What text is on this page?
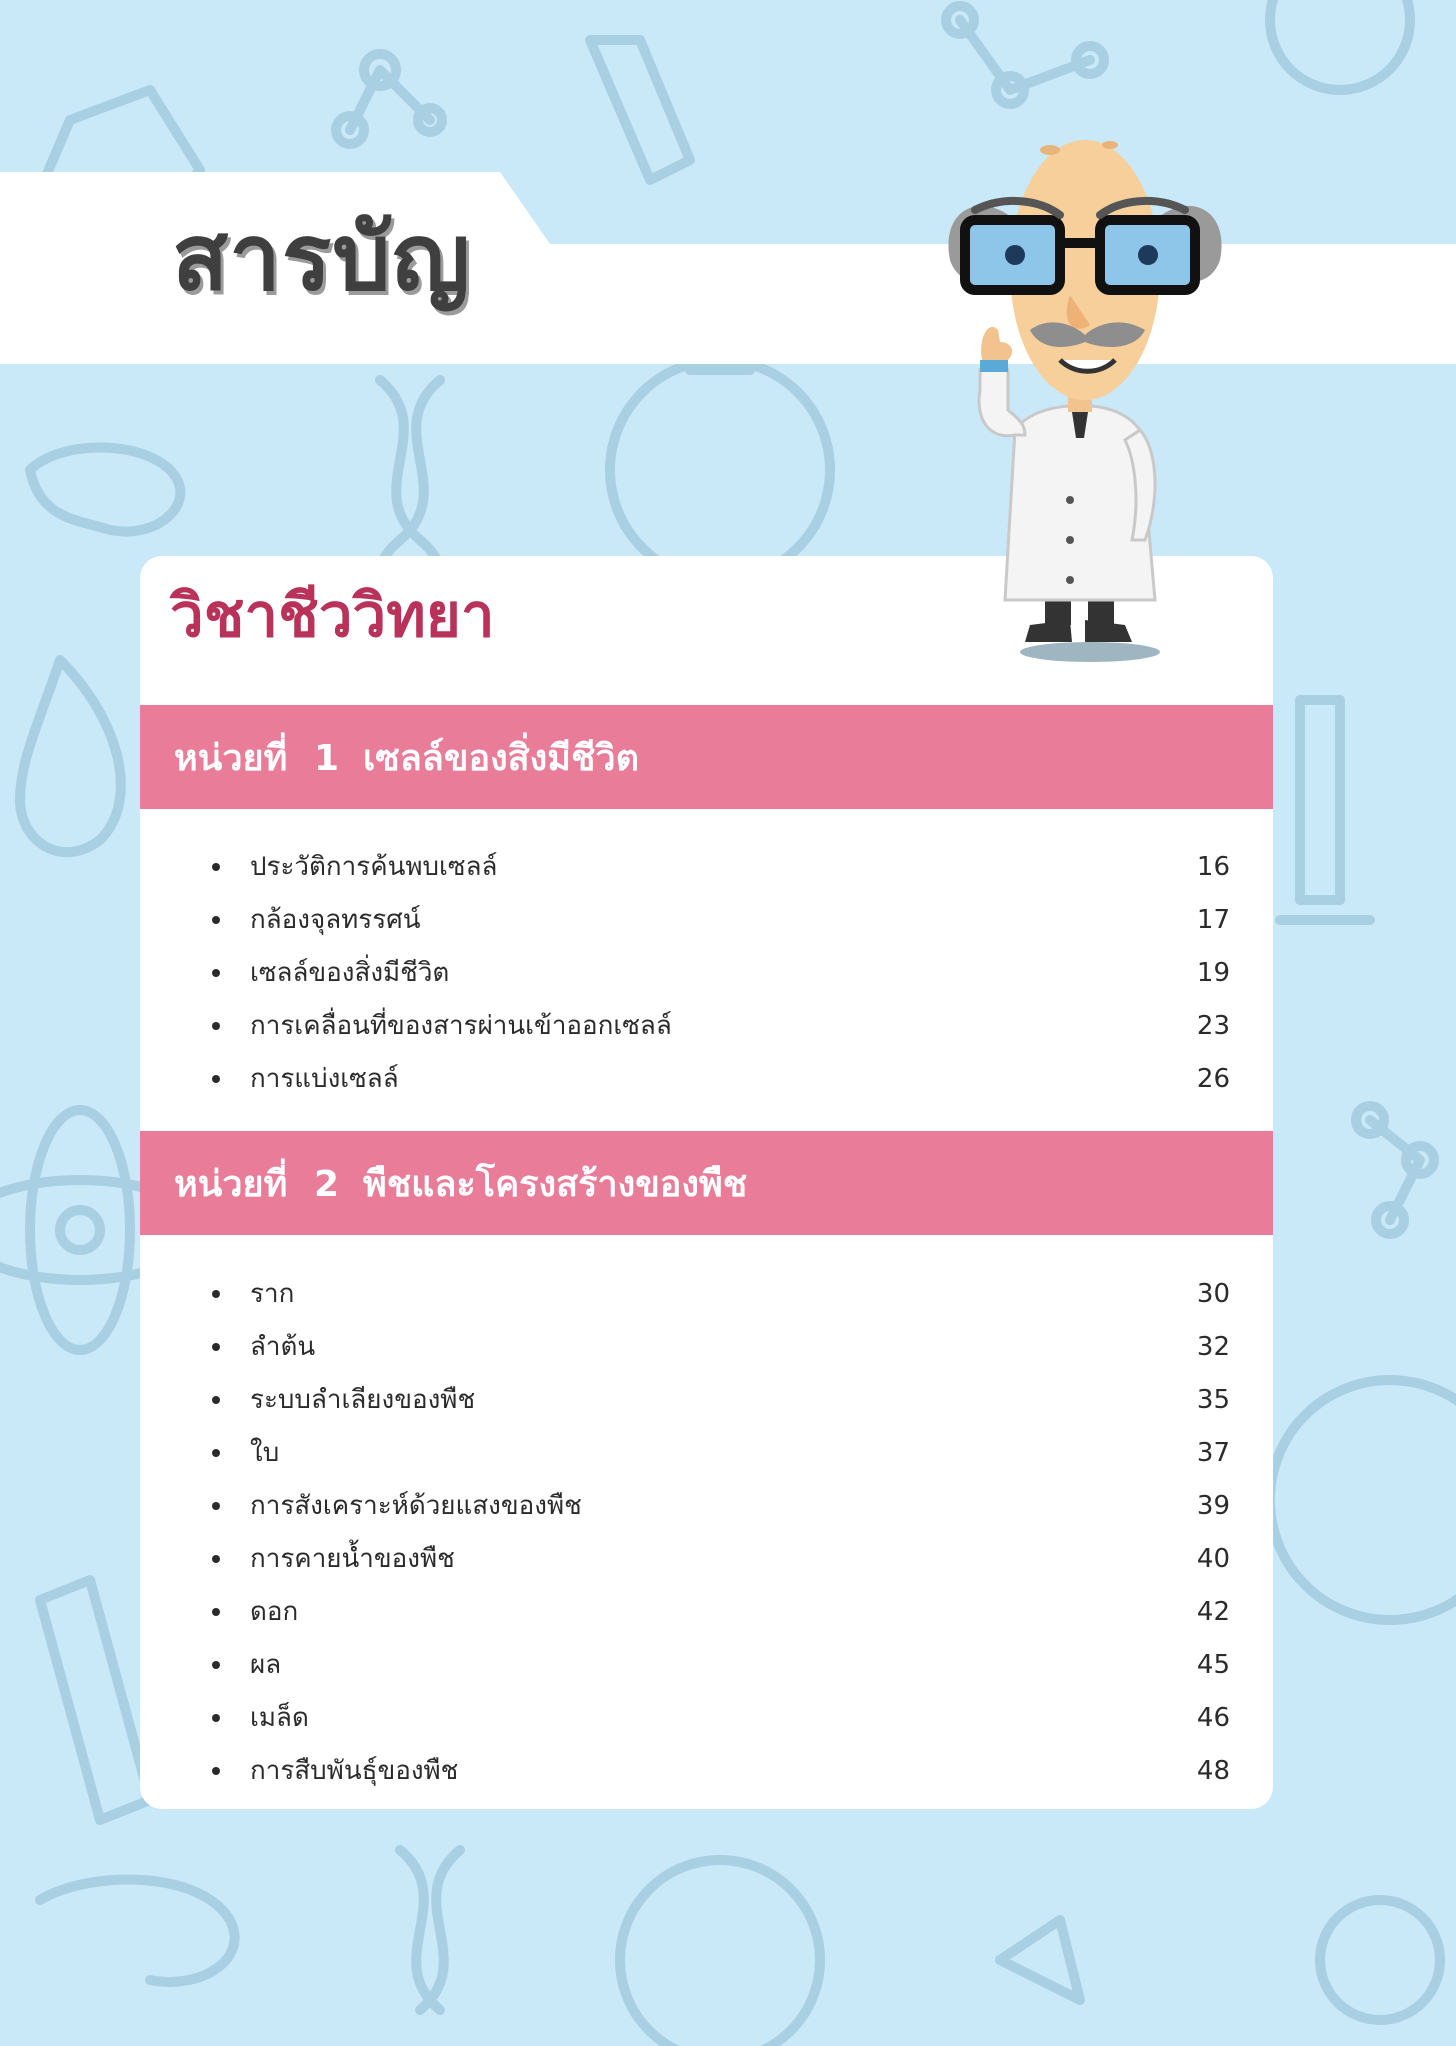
สารบัญ
วิชาชีววิทยา
หน่วยที่ 1 เซลล์ของสิ่งมีชีวิต
ประวัติการค้นพบเซลล์	16
กล้องจุลทรรศน์	17
เซลล์ของสิ่งมีชีวิต	19
การเคลื่อนที่ของสารผ่านเข้าออกเซลล์	23
การแบ่งเซลล์	26
หน่วยที่ 2 พืชและโครงสร้างของพืช
ราก	30
ลำต้น	32
ระบบลำเลียงของพืช	35
ใบ	37
การสังเคราะห์ด้วยแสงของพืช	39
การคายน้ำของพืช	40
ดอก	42
ผล	45
เมล็ด	46
การสืบพันธุ์ของพืช	48
